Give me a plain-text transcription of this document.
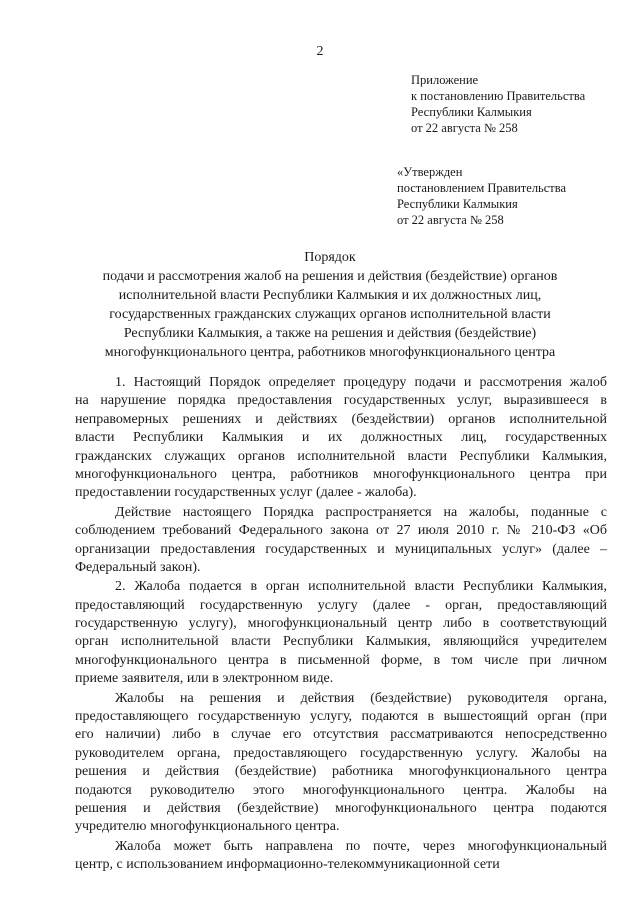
2
Приложение
к постановлению Правительства
Республики Калмыкия
от 22 августа № 258
«Утвержден
постановлением Правительства
Республики Калмыкия
от 22 августа № 258
Порядок
подачи и рассмотрения жалоб на решения и действия (бездействие) органов
исполнительной власти Республики Калмыкия и их должностных лиц,
государственных гражданских служащих органов исполнительной власти
Республики Калмыкия, а также на решения и действия (бездействие)
многофункционального центра, работников многофункционального центра
1. Настоящий Порядок определяет процедуру подачи и рассмотрения жалоб
на нарушение порядка предоставления государственных услуг, выразившееся в
неправомерных решениях и действиях (бездействии) органов исполнительной
власти Республики Калмыкия и их должностных лиц, государственных
гражданских служащих органов исполнительной власти Республики Калмыкия,
многофункционального центра, работников многофункционального центра при
предоставлении государственных услуг (далее - жалоба).
Действие настоящего Порядка распространяется на жалобы, поданные с
соблюдением требований Федерального закона от 27 июля 2010 г. № 210-ФЗ «Об
организации предоставления государственных и муниципальных услуг» (далее –
Федеральный закон).
2. Жалоба подается в орган исполнительной власти Республики Калмыкия,
предоставляющий государственную услугу (далее - орган, предоставляющий
государственную услугу), многофункциональный центр либо в соответствующий
орган исполнительной власти Республики Калмыкия, являющийся учредителем
многофункционального центра в письменной форме, в том числе при личном
приеме заявителя, или в электронном виде.
Жалобы на решения и действия (бездействие) руководителя органа,
предоставляющего государственную услугу, подаются в вышестоящий орган (при
его наличии) либо в случае его отсутствия рассматриваются непосредственно
руководителем органа, предоставляющего государственную услугу. Жалобы на
решения и действия (бездействие) работника многофункционального центра
подаются руководителю этого многофункционального центра. Жалобы на
решения и действия (бездействие) многофункционального центра подаются
учредителю многофункционального центра.
Жалоба может быть направлена по почте, через многофункциональный
центр, с использованием информационно-телекоммуникационной сети
